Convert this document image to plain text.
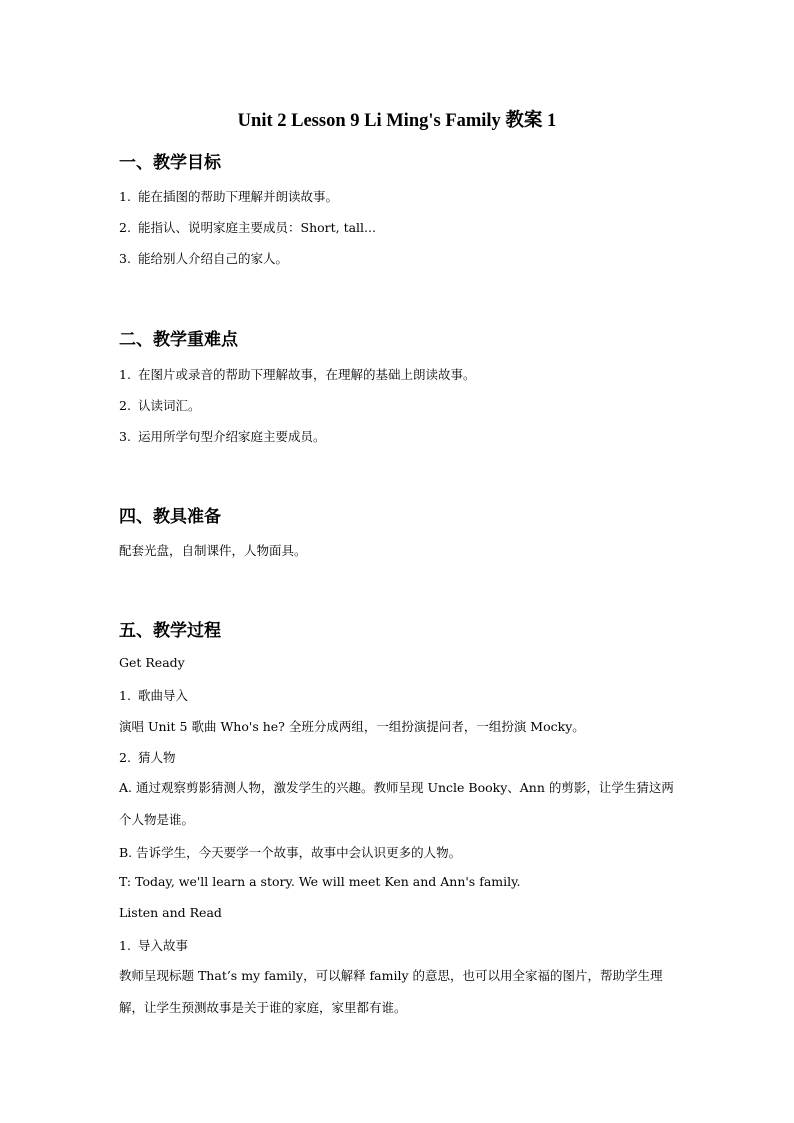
Unit 2 Lesson 9 Li Ming's Family 教案 1
一、教学目标
1. 能在插图的帮助下理解并朗读故事。
2. 能指认、说明家庭主要成员：Short, tall...
3. 能给别人介绍自己的家人。
二、教学重难点
1. 在图片或录音的帮助下理解故事，在理解的基础上朗读故事。
2. 认读词汇。
3. 运用所学句型介绍家庭主要成员。
四、教具准备
配套光盘，自制课件，人物面具。
五、教学过程
Get Ready
1. 歌曲导入
演唱 Unit 5 歌曲 Who's he? 全班分成两组，一组扮演提问者，一组扮演 Mocky。
2. 猜人物
A. 通过观察剪影猜测人物，激发学生的兴趣。教师呈现 Uncle Booky、Ann 的剪影，让学生猜这两个人物是谁。
B. 告诉学生，今天要学一个故事，故事中会认识更多的人物。
T: Today, we'll learn a story. We will meet Ken and Ann's family.
Listen and Read
1. 导入故事
教师呈现标题 That’s my family，可以解释 family 的意思，也可以用全家福的图片，帮助学生理解，让学生预测故事是关于谁的家庭，家里都有谁。
